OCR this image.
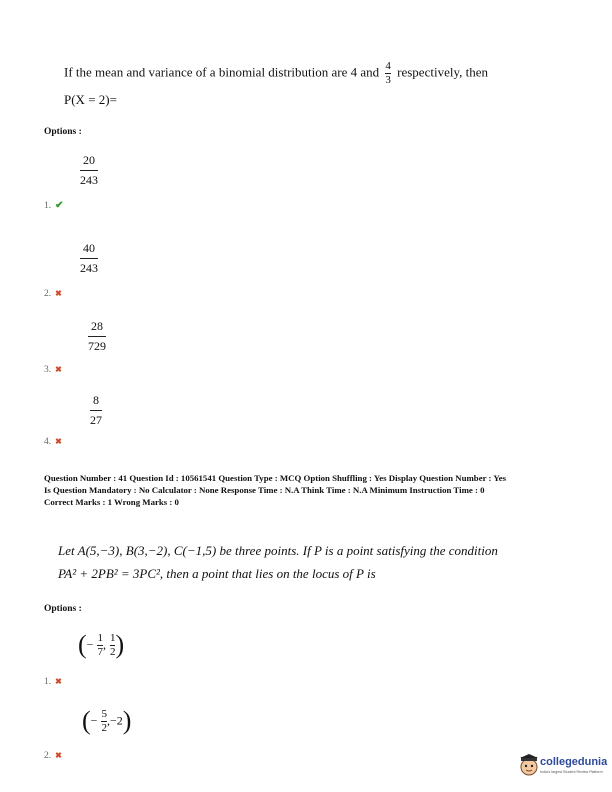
If the mean and variance of a binomial distribution are 4 and $\frac{4}{3}$ respectively, then
P(X = 2)=
Options :
20
243
1. ✔
40
243
2. ✖
28
729
3. ✖
8
27
4. ✖
Question Number : 41 Question Id : 10561541 Question Type : MCQ Option Shuffling : Yes Display Question Number : Yes
Is Question Mandatory : No Calculator : None Response Time : N.A Think Time : N.A Minimum Instruction Time : 0
Correct Marks : 1 Wrong Marks : 0
Let A(5,−3), B(3,−2), C(−1,5) be three points. If P is a point satisfying the condition
PA² + 2PB² = 3PC², then a point that lies on the locus of P is
Options :
(− $\frac{1}{7}$ , $\frac{1}{2}$ )
1. ✖
(− $\frac{5}{2} ,-2$)
2. ✖
collegedunia
India's largest Student Review Platform
